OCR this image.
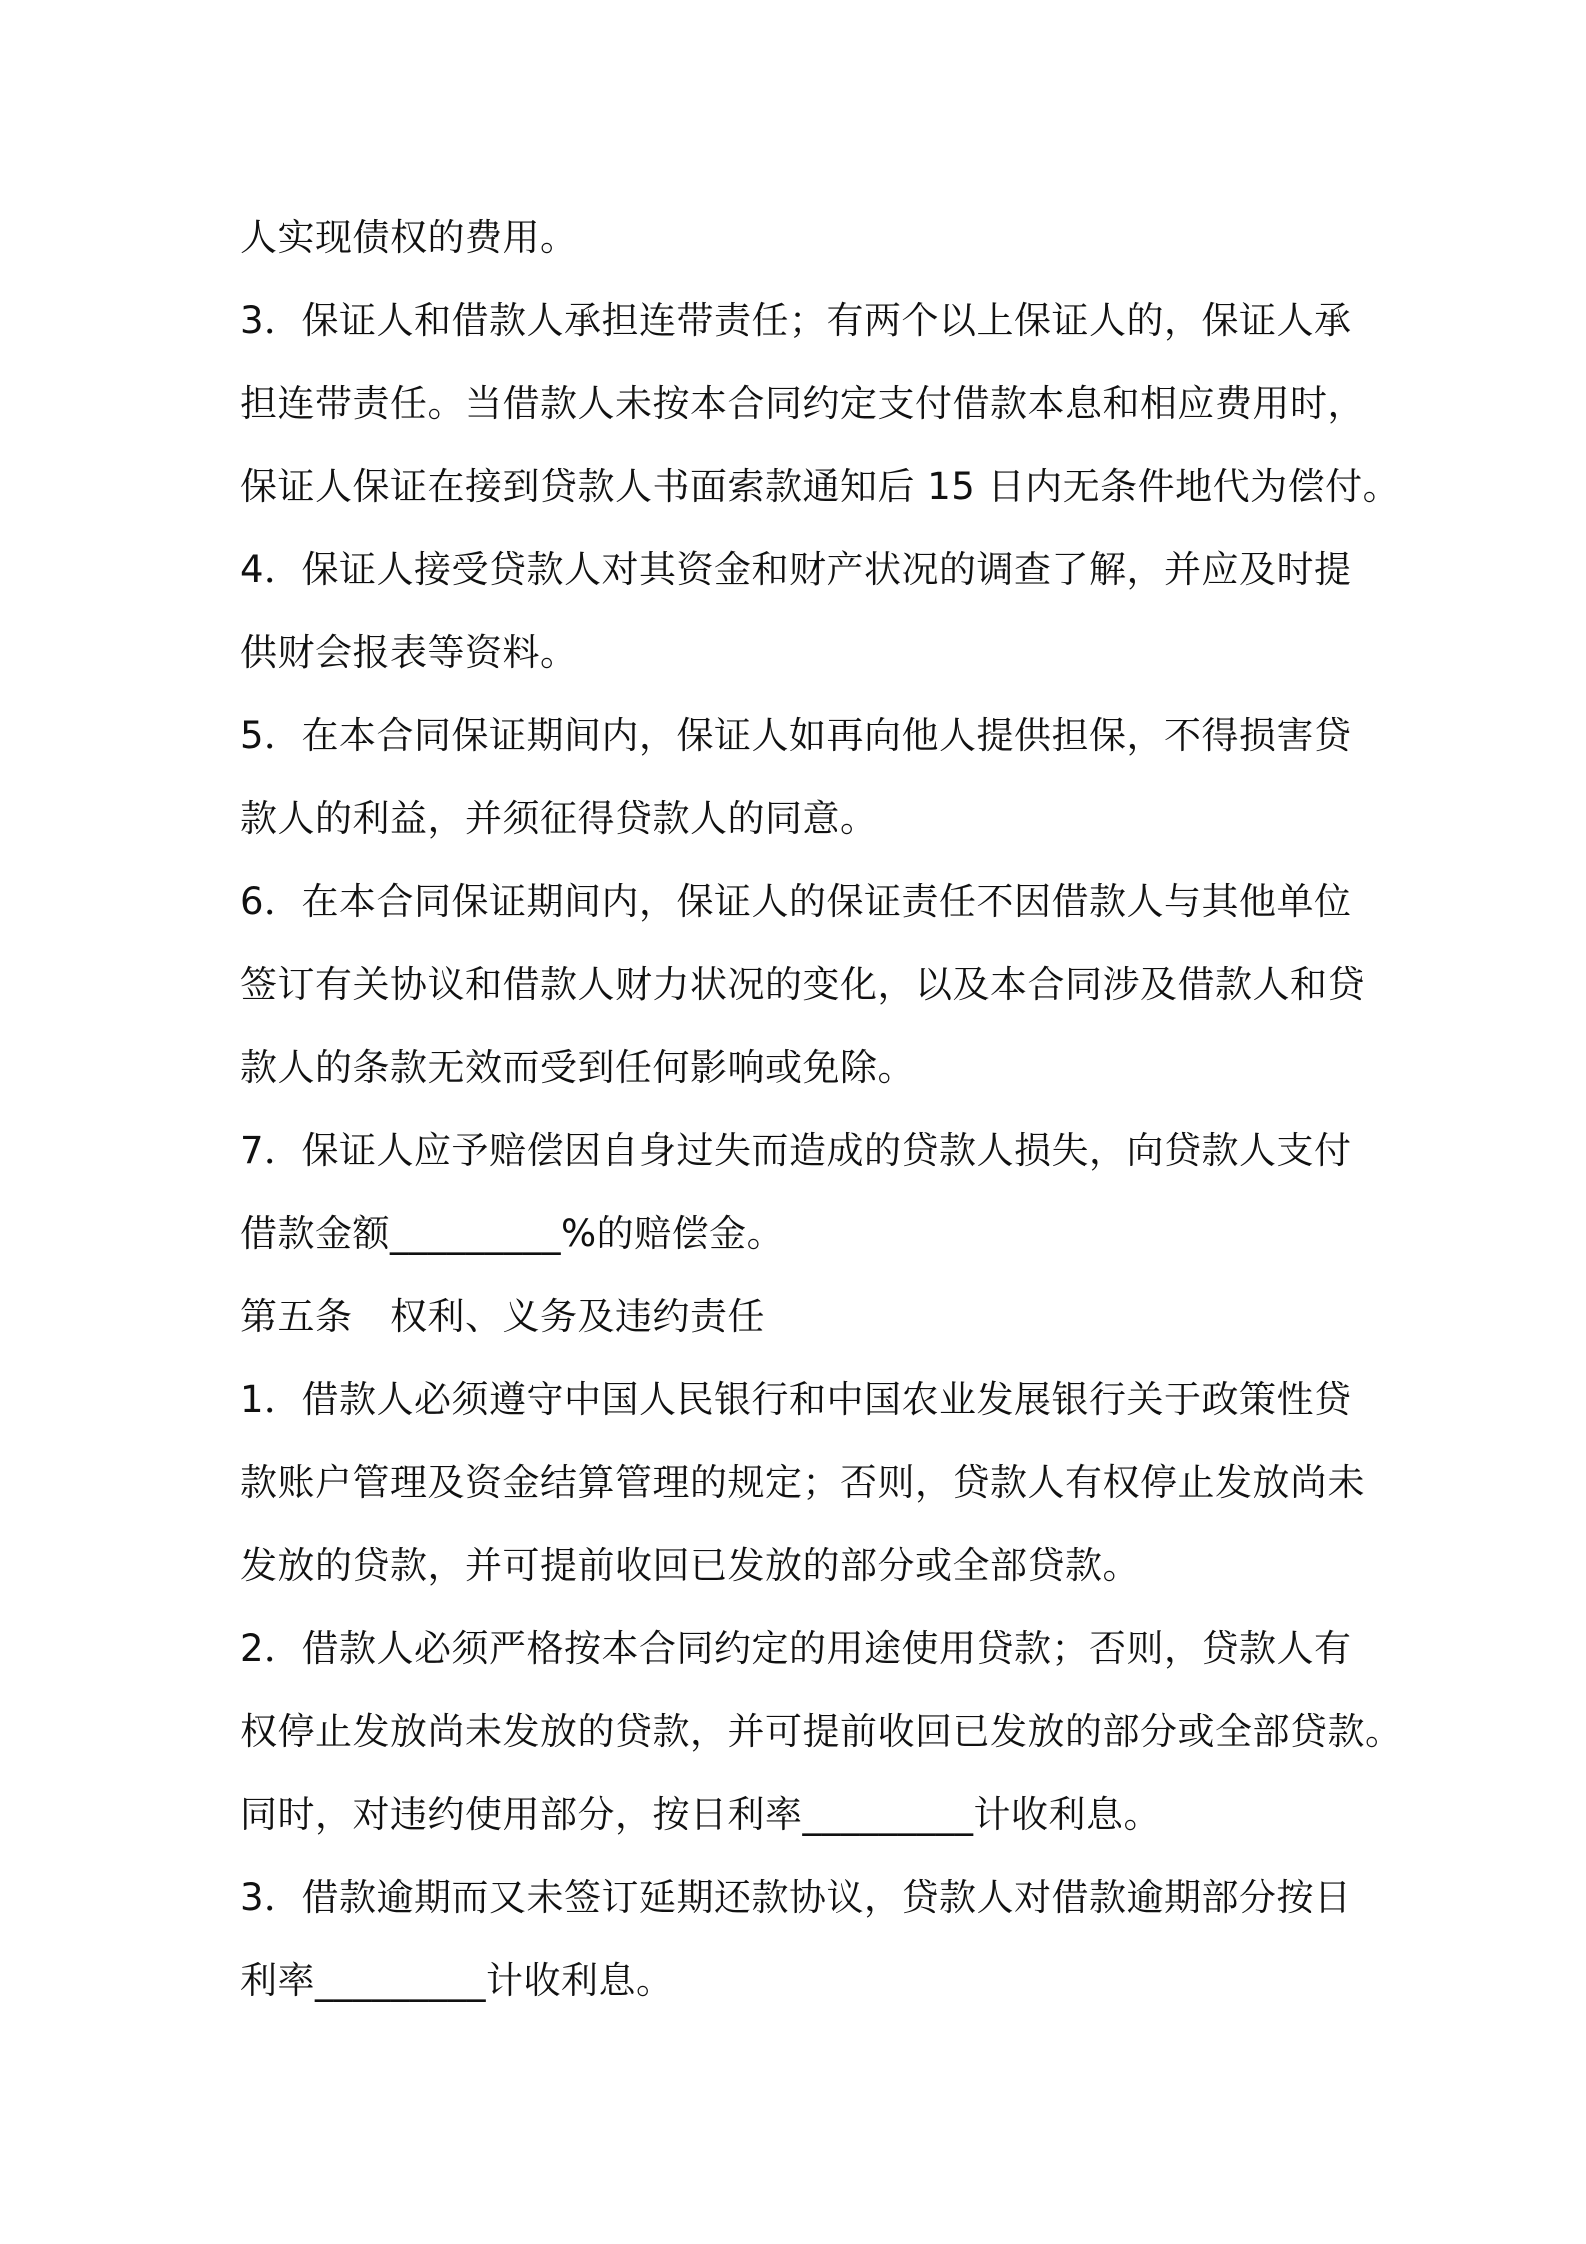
人实现债权的费用。
3．保证人和借款人承担连带责任；有两个以上保证人的，保证人承
担连带责任。当借款人未按本合同约定支付借款本息和相应费用时，
保证人保证在接到贷款人书面索款通知后 15 日内无条件地代为偿付。
4．保证人接受贷款人对其资金和财产状况的调查了解，并应及时提
供财会报表等资料。
5．在本合同保证期间内，保证人如再向他人提供担保，不得损害贷
款人的利益，并须征得贷款人的同意。
6．在本合同保证期间内，保证人的保证责任不因借款人与其他单位
签订有关协议和借款人财力状况的变化，以及本合同涉及借款人和贷
款人的条款无效而受到任何影响或免除。
7．保证人应予赔偿因自身过失而造成的贷款人损失，向贷款人支付
借款金额_________%的赔偿金。
第五条　权利、义务及违约责任
1．借款人必须遵守中国人民银行和中国农业发展银行关于政策性贷
款账户管理及资金结算管理的规定；否则，贷款人有权停止发放尚未
发放的贷款，并可提前收回已发放的部分或全部贷款。
2．借款人必须严格按本合同约定的用途使用贷款；否则，贷款人有
权停止发放尚未发放的贷款，并可提前收回已发放的部分或全部贷款。
同时，对违约使用部分，按日利率_________计收利息。
3．借款逾期而又未签订延期还款协议，贷款人对借款逾期部分按日
利率_________计收利息。
